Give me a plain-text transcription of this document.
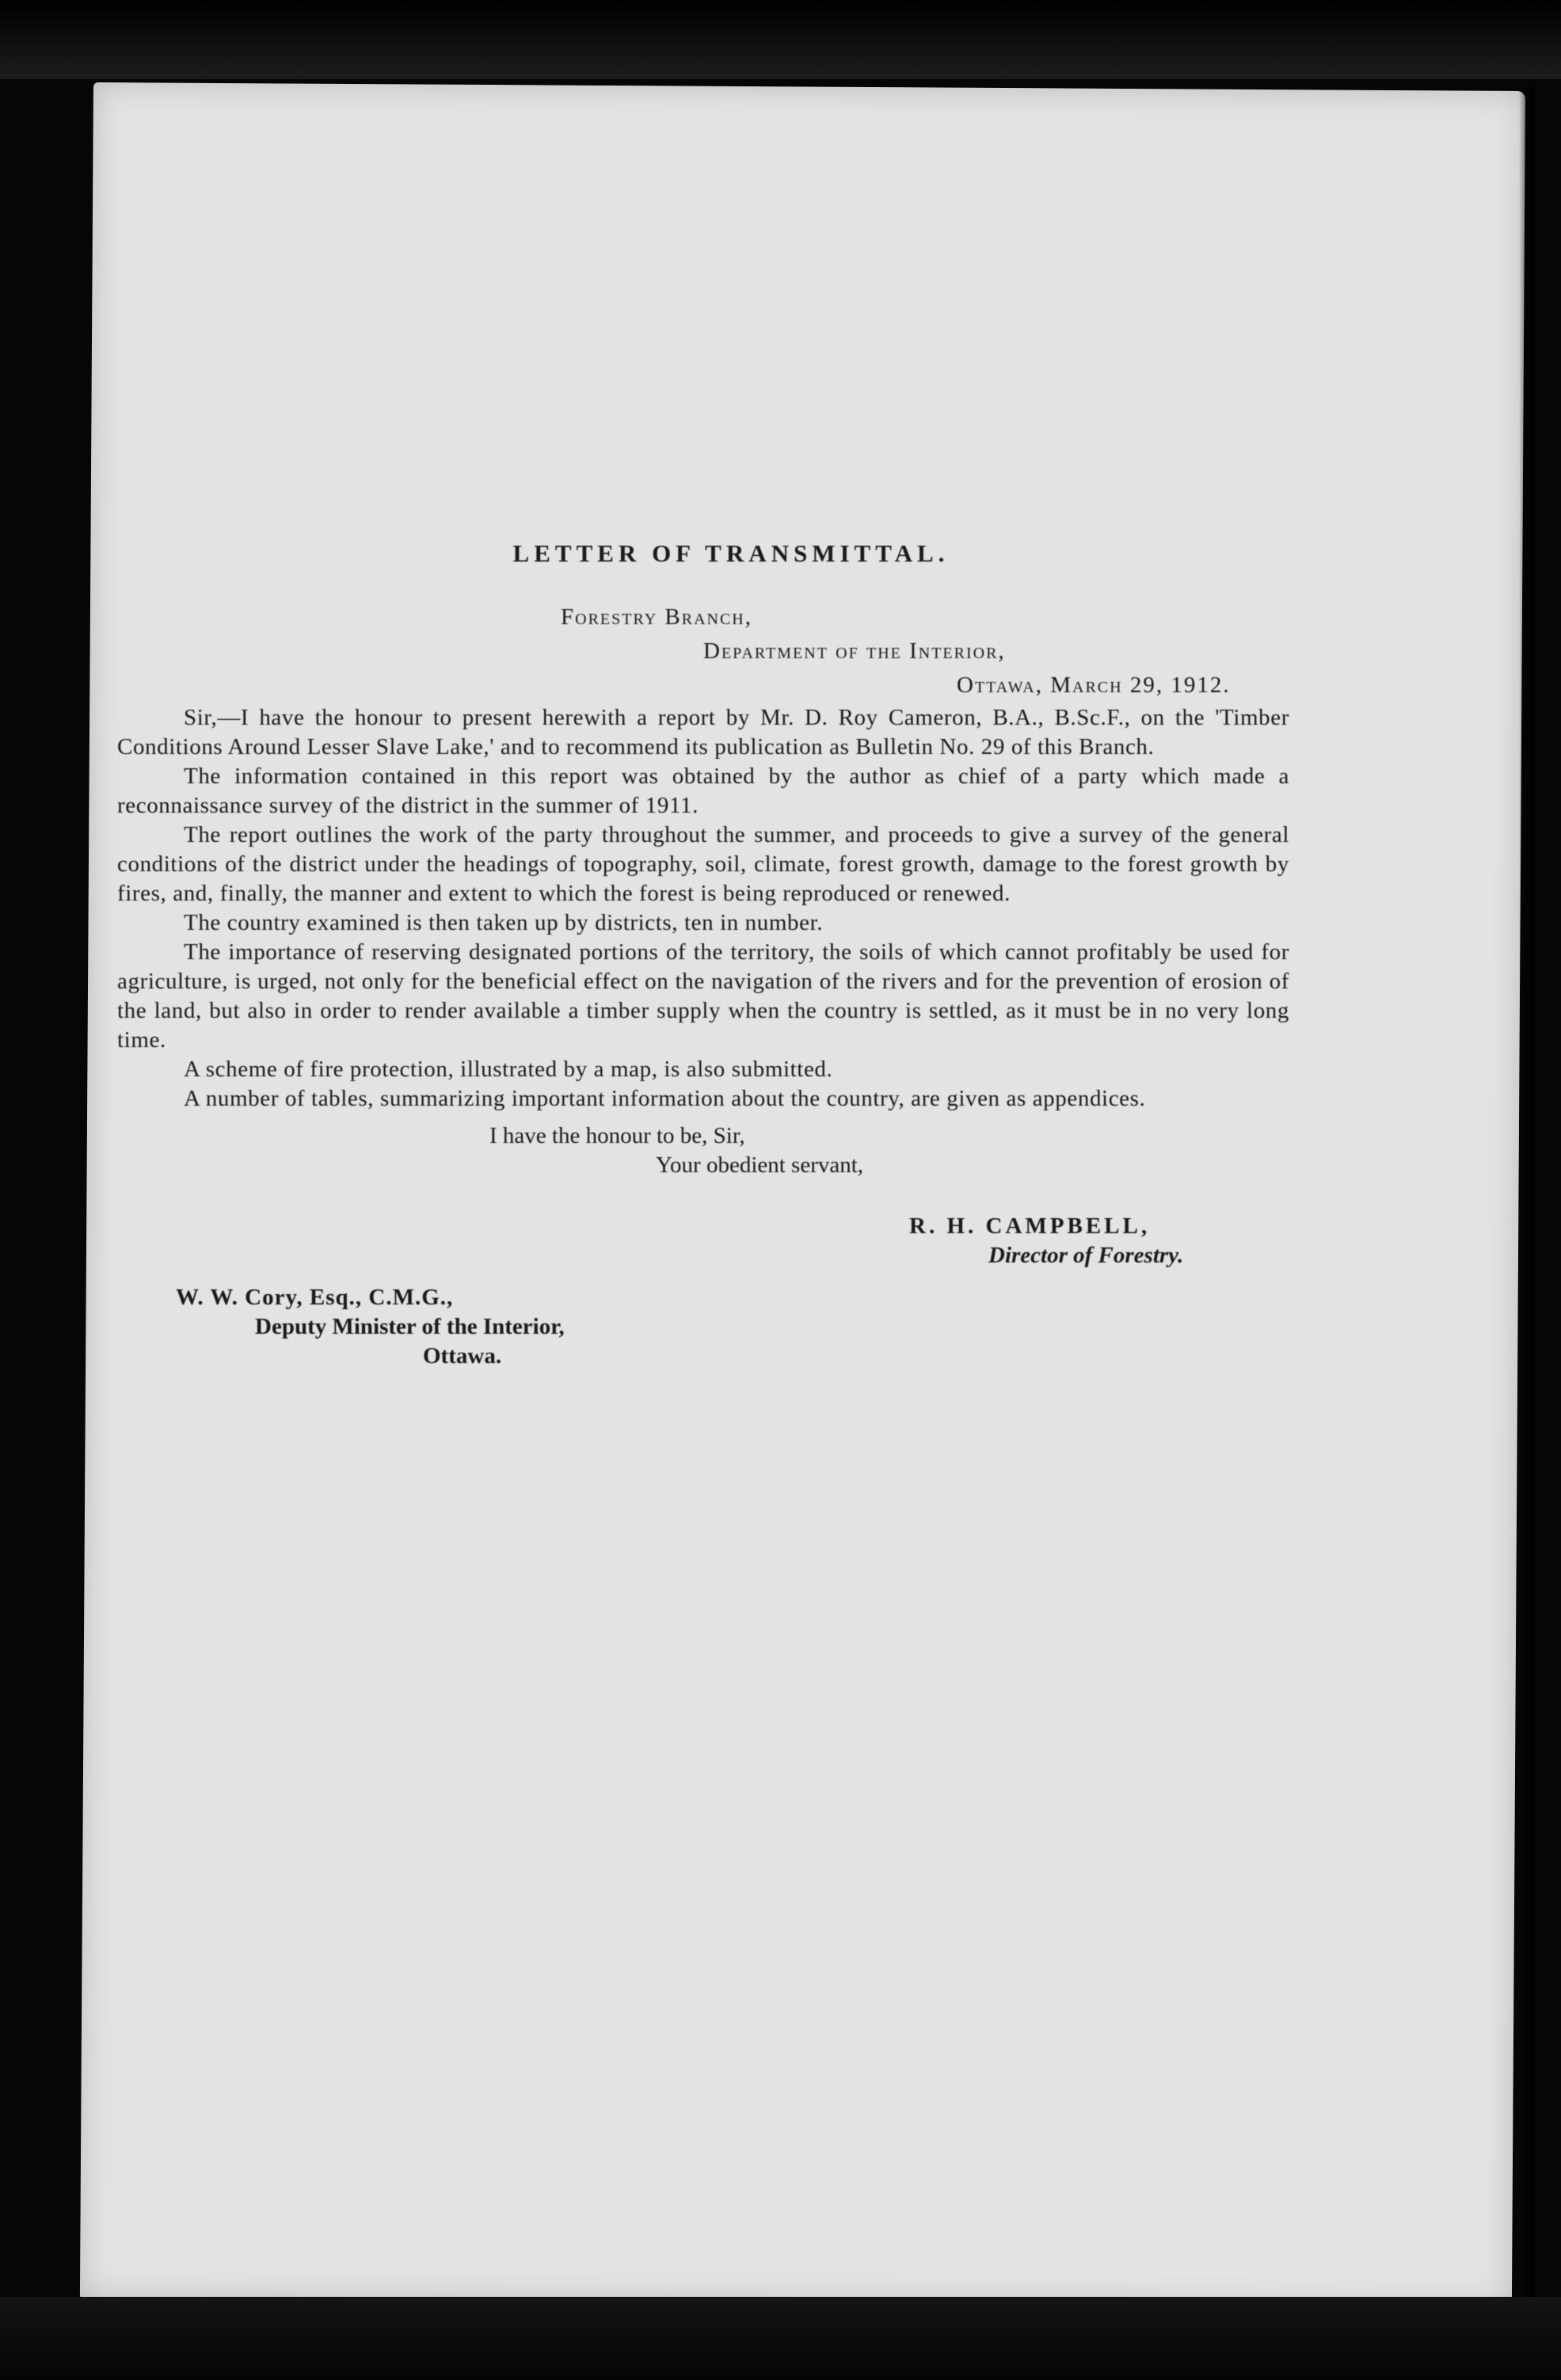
LETTER OF TRANSMITTAL.
Forestry Branch,
Department of the Interior,
Ottawa, March 29, 1912.

Sir,—I have the honour to present herewith a report by Mr. D. Roy Cameron, B.A., B.Sc.F., on the 'Timber Conditions Around Lesser Slave Lake,' and to recommend its publication as Bulletin No. 29 of this Branch.

The information contained in this report was obtained by the author as chief of a party which made a reconnaissance survey of the district in the summer of 1911.

The report outlines the work of the party throughout the summer, and proceeds to give a survey of the general conditions of the district under the headings of topography, soil, climate, forest growth, damage to the forest growth by fires, and, finally, the manner and extent to which the forest is being reproduced or renewed.

The country examined is then taken up by districts, ten in number.

The importance of reserving designated portions of the territory, the soils of which cannot profitably be used for agriculture, is urged, not only for the beneficial effect on the navigation of the rivers and for the prevention of erosion of the land, but also in order to render available a timber supply when the country is settled, as it must be in no very long time.

A scheme of fire protection, illustrated by a map, is also submitted.

A number of tables, summarizing important information about the country, are given as appendices.

I have the honour to be, Sir,
Your obedient servant,
R. H. CAMPBELL,
Director of Forestry.
W. W. Cory, Esq., C.M.G.,
Deputy Minister of the Interior,
Ottawa.
